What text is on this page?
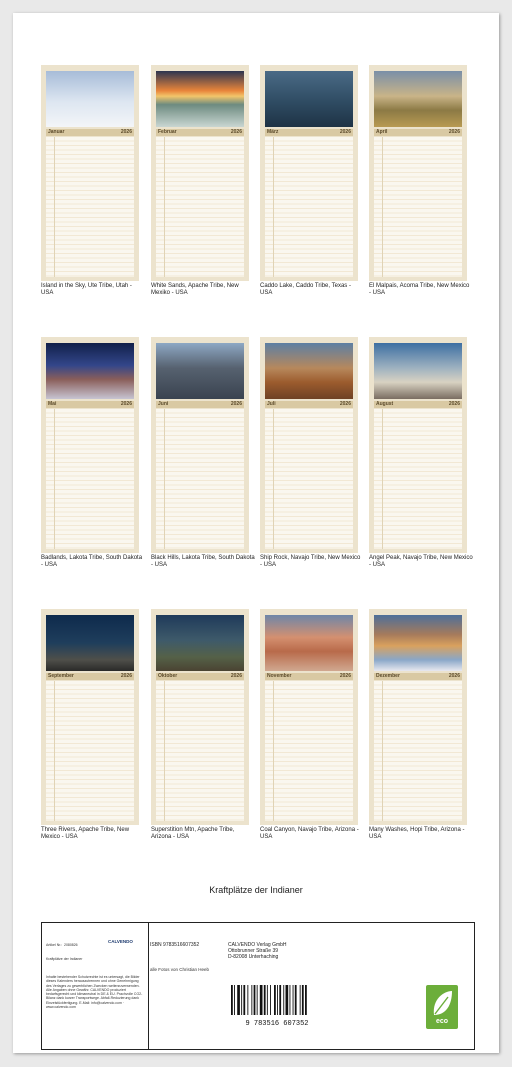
Januar	2026
Island in the Sky, Ute Tribe, Utah - USA
Februar	2026
White Sands, Apache Tribe, New Mexiko - USA
März	2026
Caddo Lake, Caddo Tribe, Texas - USA
April	2026
El Malpais, Acoma Tribe, New Mexico - USA
Mai	2026
Badlands, Lakota Tribe, South Dakota - USA
Juni	2026
Black Hills, Lakota Tribe, South Dakota - USA
Juli	2026
Ship Rock, Navajo Tribe, New Mexico - USA
August	2026
Angel Peak, Navajo Tribe, New Mexico - USA
September	2026
Three Rivers, Apache Tribe, New Mexico - USA
Oktober	2026
Superstition Mtn, Apache Tribe, Arizona - USA
November	2026
Coal Canyon, Navajo Tribe, Arizona - USA
Dezember	2026
Many Washes, Hopi Tribe, Arizona - USA
Kraftplätze der Indianer
Artikel Nr.: 2080826
CALVENDO
Kraftplätze der Indianer
Inhalte bestehender Schutzrechte ist es untersagt, die Bilder dieses Kalenders herauszutrennen und ohne Genehmigung des Verlages zu gewerblichen Zwecken weiterzuverwenden. Alle Angaben ohne Gewähr. CALVENDO produziert bedarfsgerecht und klimaneutral in DE & EU. Prachvolle CO2-Bilanz dank kurzer Transportwege. Abfall-Reduzierung dank Einzelstückfertigung. E-Mail: info@calvendo.com · www.calvendo.com
ISBN 9783516607352	CALVENDO Verlag GmbH
Ottobrunner Straße 39
D-82008 Unterhaching
alle Fotos von Christian Heeb
9 783516 607352	eco
